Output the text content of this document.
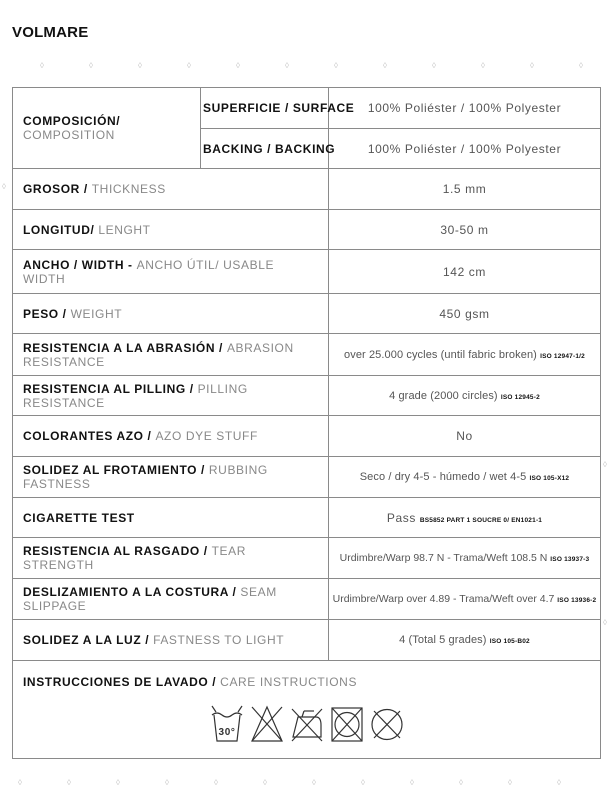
VOLMARE
◊	◊	◊	◊	◊	◊	◊	◊	◊	◊	◊	◊
◊
◊
◊
COMPOSICIÓN/ COMPOSITION	SUPERFICIE / SURFACE	100% Poliéster / 100% Polyester
	BACKING / BACKING	100% Poliéster / 100% Polyester
GROSOR / THICKNESS		1.5 mm
LONGITUD/ LENGHT		30-50 m
ANCHO / WIDTH - ANCHO ÚTIL/ USABLE WIDTH		142 cm
PESO / WEIGHT		450 gsm
RESISTENCIA A LA ABRASIÓN / ABRASION RESISTANCE		over 25.000 cycles (until fabric broken) ISO 12947-1/2
RESISTENCIA AL PILLING / PILLING RESISTANCE		4 grade (2000 circles) ISO 12945-2
COLORANTES AZO / AZO DYE STUFF		No
SOLIDEZ AL FROTAMIENTO / RUBBING FASTNESS		Seco / dry 4-5 - húmedo / wet 4-5 ISO 105-X12
CIGARETTE TEST		Pass BS5852 PART 1 SOUCRE 0/ EN1021-1
RESISTENCIA AL RASGADO / TEAR STRENGTH		Urdimbre/Warp 98.7 N - Trama/Weft 108.5 N ISO 13937-3
DESLIZAMIENTO A LA COSTURA / SEAM SLIPPAGE		Urdimbre/Warp over 4.89 - Trama/Weft over 4.7 ISO 13936-2
SOLIDEZ A LA LUZ / FASTNESS TO LIGHT		4 (Total 5 grades) ISO 105-B02
INSTRUCCIONES DE LAVADO / CARE INSTRUCTIONS
30°		
◊	◊	◊	◊	◊	◊	◊	◊	◊	◊	◊	◊
